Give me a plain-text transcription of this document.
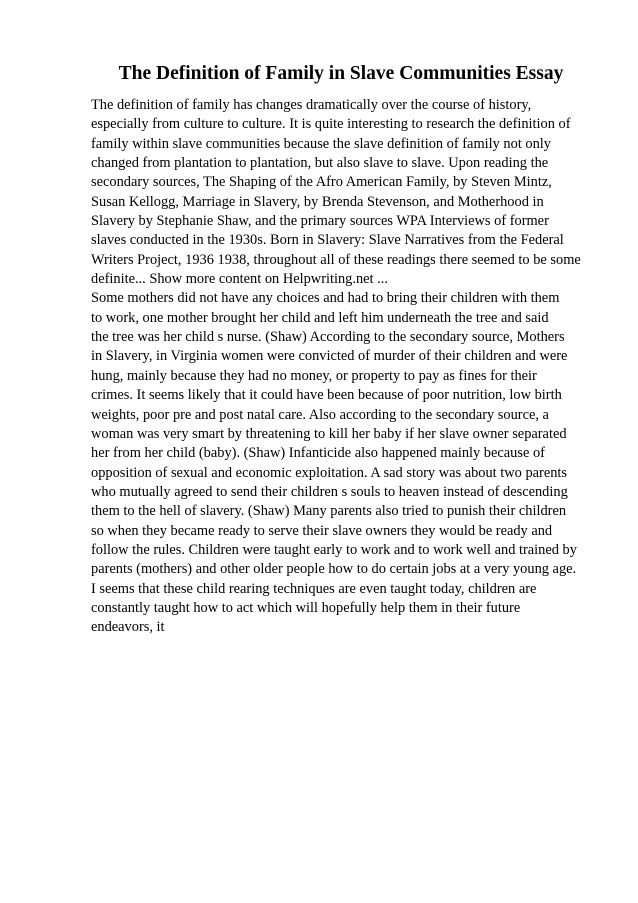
The Definition of Family in Slave Communities Essay
The definition of family has changes dramatically over the course of history,
especially from culture to culture. It is quite interesting to research the definition of
family within slave communities because the slave definition of family not only
changed from plantation to plantation, but also slave to slave. Upon reading the
secondary sources, The Shaping of the Afro American Family, by Steven Mintz,
Susan Kellogg, Marriage in Slavery, by Brenda Stevenson, and Motherhood in
Slavery by Stephanie Shaw, and the primary sources WPA Interviews of former
slaves conducted in the 1930s. Born in Slavery: Slave Narratives from the Federal
Writers Project, 1936 1938, throughout all of these readings there seemed to be some
definite... Show more content on Helpwriting.net ...
Some mothers did not have any choices and had to bring their children with them
to work, one mother brought her child and left him underneath the tree and said
the tree was her child s nurse. (Shaw) According to the secondary source, Mothers
in Slavery, in Virginia women were convicted of murder of their children and were
hung, mainly because they had no money, or property to pay as fines for their
crimes. It seems likely that it could have been because of poor nutrition, low birth
weights, poor pre and post natal care. Also according to the secondary source, a
woman was very smart by threatening to kill her baby if her slave owner separated
her from her child (baby). (Shaw) Infanticide also happened mainly because of
opposition of sexual and economic exploitation. A sad story was about two parents
who mutually agreed to send their children s souls to heaven instead of descending
them to the hell of slavery. (Shaw) Many parents also tried to punish their children
so when they became ready to serve their slave owners they would be ready and
follow the rules. Children were taught early to work and to work well and trained by
parents (mothers) and other older people how to do certain jobs at a very young age.
I seems that these child rearing techniques are even taught today, children are
constantly taught how to act which will hopefully help them in their future
endeavors, it
